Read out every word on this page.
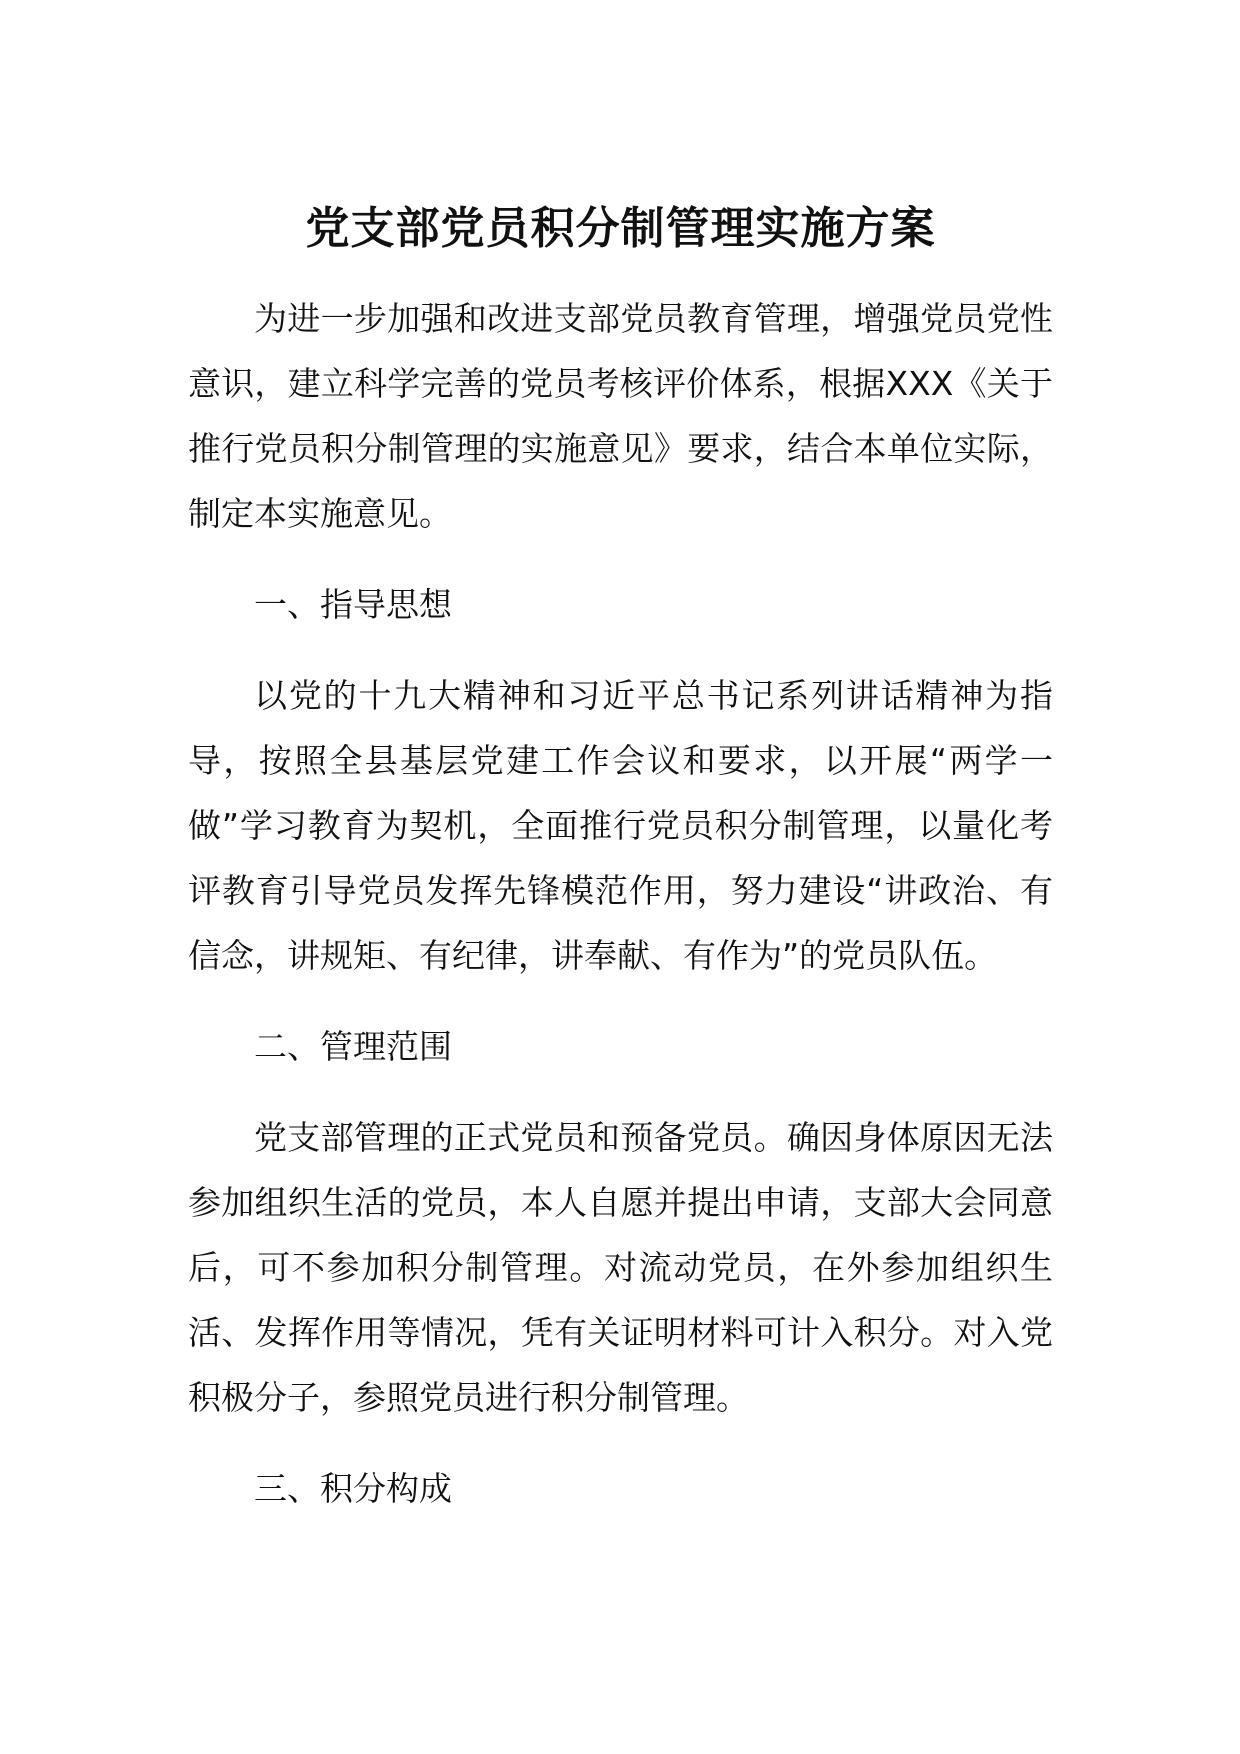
党支部党员积分制管理实施方案

为进一步加强和改进支部党员教育管理，增强党员党性意识，建立科学完善的党员考核评价体系，根据XXX《关于推行党员积分制管理的实施意见》要求，结合本单位实际，制定本实施意见。

一、指导思想

以党的十九大精神和习近平总书记系列讲话精神为指导，按照全县基层党建工作会议和要求，以开展“两学一做”学习教育为契机，全面推行党员积分制管理，以量化考评教育引导党员发挥先锋模范作用，努力建设“讲政治、有信念，讲规矩、有纪律，讲奉献、有作为”的党员队伍。

二、管理范围

党支部管理的正式党员和预备党员。确因身体原因无法参加组织生活的党员，本人自愿并提出申请，支部大会同意后，可不参加积分制管理。对流动党员，在外参加组织生活、发挥作用等情况，凭有关证明材料可计入积分。对入党积极分子，参照党员进行积分制管理。

三、积分构成
